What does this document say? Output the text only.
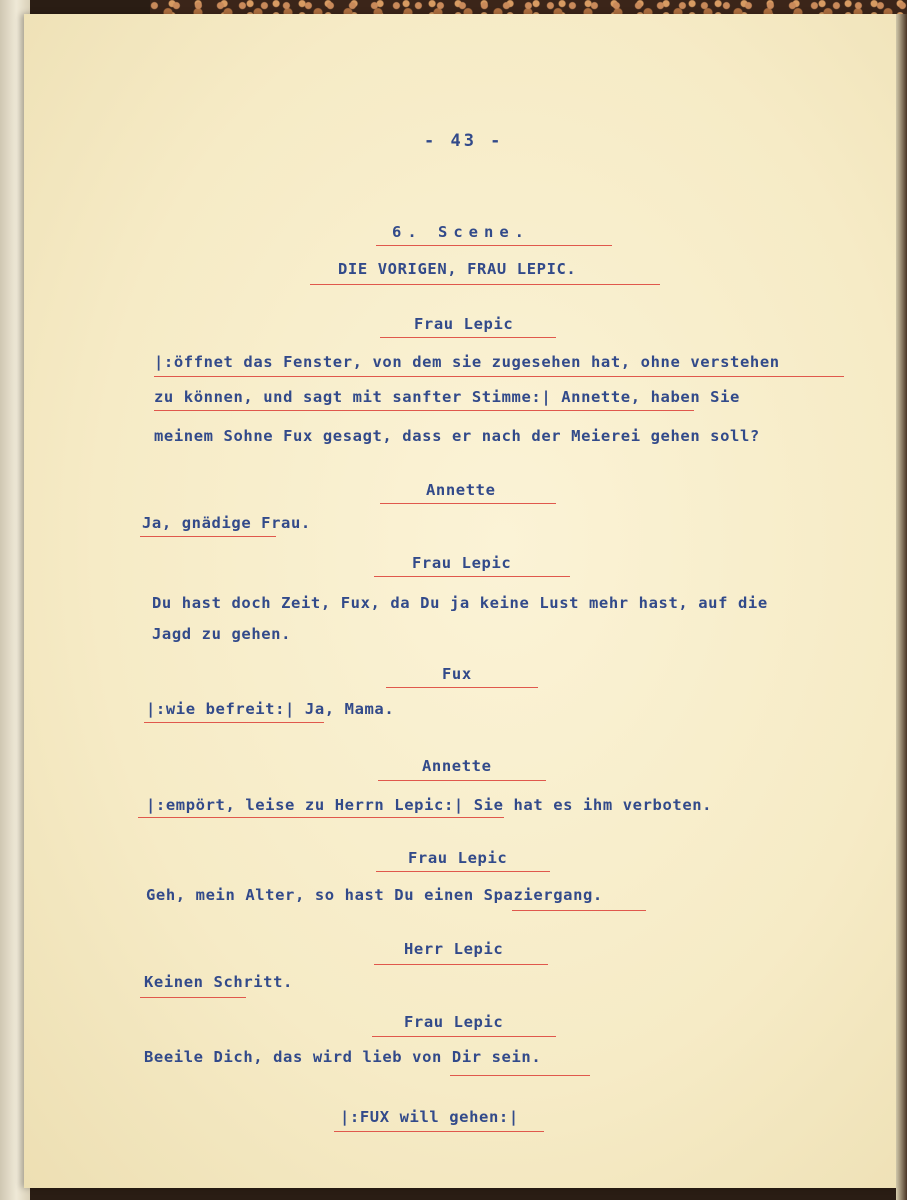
- 43 -
6. Scene.
DIE VORIGEN, FRAU LEPIC.
Frau Lepic
|:öffnet das Fenster, von dem sie zugesehen hat, ohne verstehen
zu können, und sagt mit sanfter Stimme:| Annette, haben Sie
meinem Sohne Fux gesagt, dass er nach der Meierei gehen soll?
Annette
Ja, gnädige Frau.
Frau Lepic
Du hast doch Zeit, Fux, da Du ja keine Lust mehr hast, auf die
Jagd zu gehen.
Fux
|:wie befreit:| Ja, Mama.
Annette
|:empört, leise zu Herrn Lepic:| Sie hat es ihm verboten.
Frau Lepic
Geh, mein Alter, so hast Du einen Spaziergang.
Herr Lepic
Keinen Schritt.
Frau Lepic
Beeile Dich, das wird lieb von Dir sein.
|:FUX will gehen:|
